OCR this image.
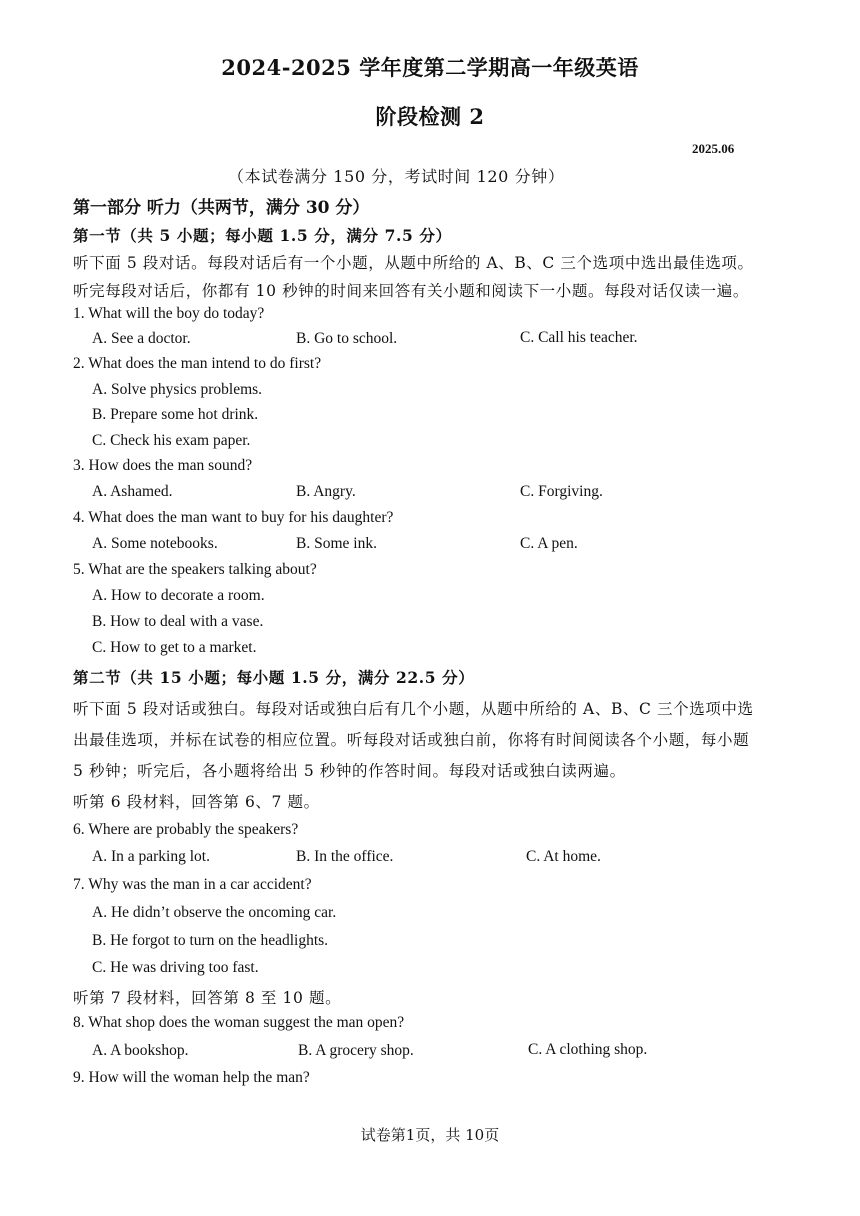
2024-2025 学年度第二学期高一年级英语
阶段检测 2
2025.06
（本试卷满分 150 分，考试时间 120 分钟）
第一部分 听力（共两节，满分 30 分）
第一节（共 5 小题；每小题 1.5 分，满分 7.5 分）
听下面 5 段对话。每段对话后有一个小题，从题中所给的 A、B、C 三个选项中选出最佳选项。
听完每段对话后，你都有 10 秒钟的时间来回答有关小题和阅读下一小题。每段对话仅读一遍。
1. What will the boy do today?
A. See a doctor.	B. Go to school.	C. Call his teacher.
2. What does the man intend to do first?
A. Solve physics problems.
B. Prepare some hot drink.
C. Check his exam paper.
3. How does the man sound?
A. Ashamed.	B. Angry.	C. Forgiving.
4. What does the man want to buy for his daughter?
A. Some notebooks.	B. Some ink.	C. A pen.
5. What are the speakers talking about?
A. How to decorate a room.
B. How to deal with a vase.
C. How to get to a market.
第二节（共 15 小题；每小题 1.5 分，满分 22.5 分）
听下面 5 段对话或独白。每段对话或独白后有几个小题，从题中所给的 A、B、C 三个选项中选
出最佳选项，并标在试卷的相应位置。听每段对话或独白前，你将有时间阅读各个小题，每小题
5 秒钟；听完后，各小题将给出 5 秒钟的作答时间。每段对话或独白读两遍。
听第 6 段材料，回答第 6、7 题。
6. Where are probably the speakers?
A. In a parking lot.	B. In the office.	C. At home.
7. Why was the man in a car accident?
A. He didn’t observe the oncoming car.
B. He forgot to turn on the headlights.
C. He was driving too fast.
听第 7 段材料，回答第 8 至 10 题。
8. What shop does the woman suggest the man open?
A. A bookshop.	B. A grocery shop.	C. A clothing shop.
9. How will the woman help the man?
试卷第1页，共 10页
